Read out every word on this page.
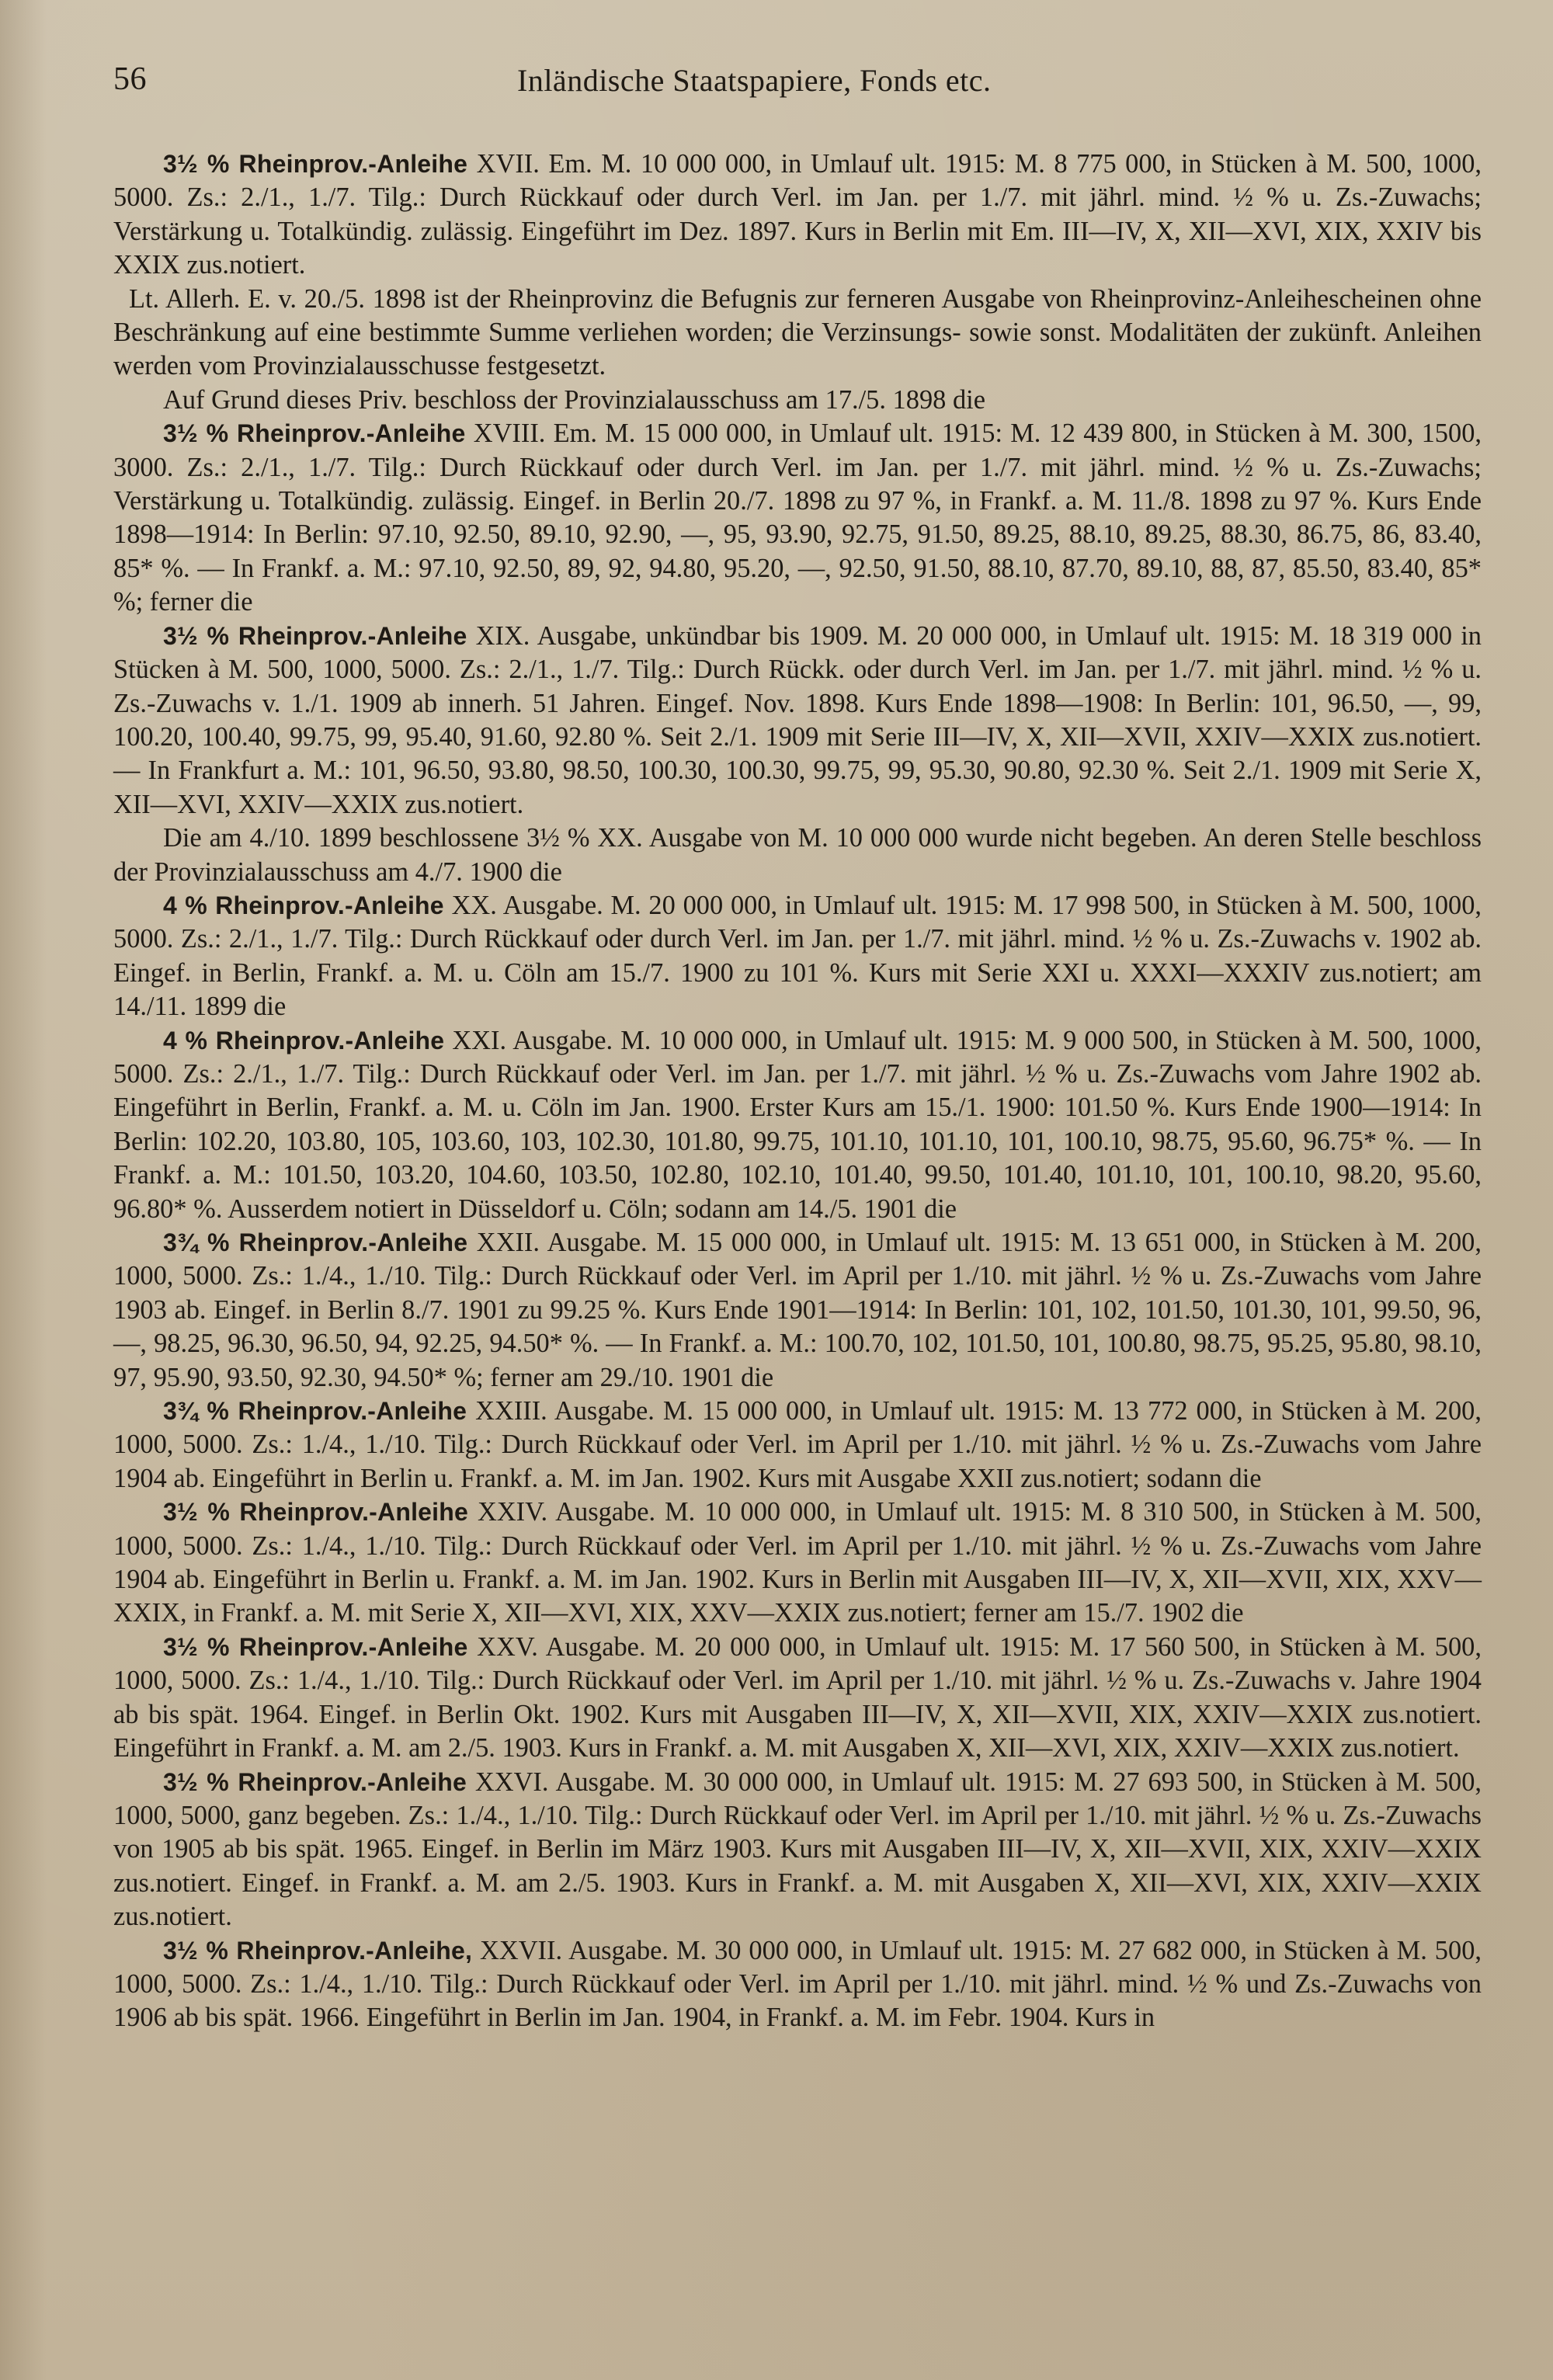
56	Inländische Staatspapiere, Fonds etc.

3½ % Rheinprov.-Anleihe XVII. Em. M. 10 000 000, in Umlauf ult. 1915: M. 8 775 000, in Stücken à M. 500, 1000, 5000. Zs.: 2./1., 1./7. Tilg.: Durch Rückkauf oder durch Verl. im Jan. per 1./7. mit jährl. mind. ½ % u. Zs.-Zuwachs; Verstärkung u. Totalkündig. zulässig. Eingeführt im Dez. 1897. Kurs in Berlin mit Em. III—IV, X, XII—XVI, XIX, XXIV bis XXIX zus.notiert.

Lt. Allerh. E. v. 20./5. 1898 ist der Rheinprovinz die Befugnis zur ferneren Ausgabe von Rheinprovinz-Anleihescheinen ohne Beschränkung auf eine bestimmte Summe verliehen worden; die Verzinsungs- sowie sonst. Modalitäten der zukünft. Anleihen werden vom Provinzialausschusse festgesetzt.

Auf Grund dieses Priv. beschloss der Provinzialausschuss am 17./5. 1898 die

3½ % Rheinprov.-Anleihe XVIII. Em. M. 15 000 000, in Umlauf ult. 1915: M. 12 439 800, in Stücken à M. 300, 1500, 3000. Zs.: 2./1., 1./7. Tilg.: Durch Rückkauf oder durch Verl. im Jan. per 1./7. mit jährl. mind. ½ % u. Zs.-Zuwachs; Verstärkung u. Totalkündig. zulässig. Eingef. in Berlin 20./7. 1898 zu 97 %, in Frankf. a. M. 11./8. 1898 zu 97 %. Kurs Ende 1898—1914: In Berlin: 97.10, 92.50, 89.10, 92.90, —, 95, 93.90, 92.75, 91.50, 89.25, 88.10, 89.25, 88.30, 86.75, 86, 83.40, 85* %. — In Frankf. a. M.: 97.10, 92.50, 89, 92, 94.80, 95.20, —, 92.50, 91.50, 88.10, 87.70, 89.10, 88, 87, 85.50, 83.40, 85* %; ferner die

3½ % Rheinprov.-Anleihe XIX. Ausgabe, unkündbar bis 1909. M. 20 000 000, in Umlauf ult. 1915: M. 18 319 000 in Stücken à M. 500, 1000, 5000. Zs.: 2./1., 1./7. Tilg.: Durch Rückk. oder durch Verl. im Jan. per 1./7. mit jährl. mind. ½ % u. Zs.-Zuwachs v. 1./1. 1909 ab innerh. 51 Jahren. Eingef. Nov. 1898. Kurs Ende 1898—1908: In Berlin: 101, 96.50, —, 99, 100.20, 100.40, 99.75, 99, 95.40, 91.60, 92.80 %. Seit 2./1. 1909 mit Serie III—IV, X, XII—XVII, XXIV—XXIX zus.notiert. — In Frankfurt a. M.: 101, 96.50, 93.80, 98.50, 100.30, 100.30, 99.75, 99, 95.30, 90.80, 92.30 %. Seit 2./1. 1909 mit Serie X, XII—XVI, XXIV—XXIX zus.notiert.

Die am 4./10. 1899 beschlossene 3½ % XX. Ausgabe von M. 10 000 000 wurde nicht begeben. An deren Stelle beschloss der Provinzialausschuss am 4./7. 1900 die

4 % Rheinprov.-Anleihe XX. Ausgabe. M. 20 000 000, in Umlauf ult. 1915: M. 17 998 500, in Stücken à M. 500, 1000, 5000. Zs.: 2./1., 1./7. Tilg.: Durch Rückkauf oder durch Verl. im Jan. per 1./7. mit jährl. mind. ½ % u. Zs.-Zuwachs v. 1902 ab. Eingef. in Berlin, Frankf. a. M. u. Cöln am 15./7. 1900 zu 101 %. Kurs mit Serie XXI u. XXXI—XXXIV zus.notiert; am 14./11. 1899 die

4 % Rheinprov.-Anleihe XXI. Ausgabe. M. 10 000 000, in Umlauf ult. 1915: M. 9 000 500, in Stücken à M. 500, 1000, 5000. Zs.: 2./1., 1./7. Tilg.: Durch Rückkauf oder Verl. im Jan. per 1./7. mit jährl. ½ % u. Zs.-Zuwachs vom Jahre 1902 ab. Eingeführt in Berlin, Frankf. a. M. u. Cöln im Jan. 1900. Erster Kurs am 15./1. 1900: 101.50 %. Kurs Ende 1900—1914: In Berlin: 102.20, 103.80, 105, 103.60, 103, 102.30, 101.80, 99.75, 101.10, 101.10, 101, 100.10, 98.75, 95.60, 96.75* %. — In Frankf. a. M.: 101.50, 103.20, 104.60, 103.50, 102.80, 102.10, 101.40, 99.50, 101.40, 101.10, 101, 100.10, 98.20, 95.60, 96.80* %. Ausserdem notiert in Düsseldorf u. Cöln; sodann am 14./5. 1901 die

3¾ % Rheinprov.-Anleihe XXII. Ausgabe. M. 15 000 000, in Umlauf ult. 1915: M. 13 651 000, in Stücken à M. 200, 1000, 5000. Zs.: 1./4., 1./10. Tilg.: Durch Rückkauf oder Verl. im April per 1./10. mit jährl. ½ % u. Zs.-Zuwachs vom Jahre 1903 ab. Eingef. in Berlin 8./7. 1901 zu 99.25 %. Kurs Ende 1901—1914: In Berlin: 101, 102, 101.50, 101.30, 101, 99.50, 96, —, 98.25, 96.30, 96.50, 94, 92.25, 94.50* %. — In Frankf. a. M.: 100.70, 102, 101.50, 101, 100.80, 98.75, 95.25, 95.80, 98.10, 97, 95.90, 93.50, 92.30, 94.50* %; ferner am 29./10. 1901 die

3¾ % Rheinprov.-Anleihe XXIII. Ausgabe. M. 15 000 000, in Umlauf ult. 1915: M. 13 772 000, in Stücken à M. 200, 1000, 5000. Zs.: 1./4., 1./10. Tilg.: Durch Rückkauf oder Verl. im April per 1./10. mit jährl. ½ % u. Zs.-Zuwachs vom Jahre 1904 ab. Eingeführt in Berlin u. Frankf. a. M. im Jan. 1902. Kurs mit Ausgabe XXII zus.notiert; sodann die

3½ % Rheinprov.-Anleihe XXIV. Ausgabe. M. 10 000 000, in Umlauf ult. 1915: M. 8 310 500, in Stücken à M. 500, 1000, 5000. Zs.: 1./4., 1./10. Tilg.: Durch Rückkauf oder Verl. im April per 1./10. mit jährl. ½ % u. Zs.-Zuwachs vom Jahre 1904 ab. Eingeführt in Berlin u. Frankf. a. M. im Jan. 1902. Kurs in Berlin mit Ausgaben III—IV, X, XII—XVII, XIX, XXV—XXIX, in Frankf. a. M. mit Serie X, XII—XVI, XIX, XXV—XXIX zus.notiert; ferner am 15./7. 1902 die

3½ % Rheinprov.-Anleihe XXV. Ausgabe. M. 20 000 000, in Umlauf ult. 1915: M. 17 560 500, in Stücken à M. 500, 1000, 5000. Zs.: 1./4., 1./10. Tilg.: Durch Rückkauf oder Verl. im April per 1./10. mit jährl. ½ % u. Zs.-Zuwachs v. Jahre 1904 ab bis spät. 1964. Eingef. in Berlin Okt. 1902. Kurs mit Ausgaben III—IV, X, XII—XVII, XIX, XXIV—XXIX zus.notiert. Eingeführt in Frankf. a. M. am 2./5. 1903. Kurs in Frankf. a. M. mit Ausgaben X, XII—XVI, XIX, XXIV—XXIX zus.notiert.

3½ % Rheinprov.-Anleihe XXVI. Ausgabe. M. 30 000 000, in Umlauf ult. 1915: M. 27 693 500, in Stücken à M. 500, 1000, 5000, ganz begeben. Zs.: 1./4., 1./10. Tilg.: Durch Rückkauf oder Verl. im April per 1./10. mit jährl. ½ % u. Zs.-Zuwachs von 1905 ab bis spät. 1965. Eingef. in Berlin im März 1903. Kurs mit Ausgaben III—IV, X, XII—XVII, XIX, XXIV—XXIX zus.notiert. Eingef. in Frankf. a. M. am 2./5. 1903. Kurs in Frankf. a. M. mit Ausgaben X, XII—XVI, XIX, XXIV—XXIX zus.notiert.

3½ % Rheinprov.-Anleihe, XXVII. Ausgabe. M. 30 000 000, in Umlauf ult. 1915: M. 27 682 000, in Stücken à M. 500, 1000, 5000. Zs.: 1./4., 1./10. Tilg.: Durch Rückkauf oder Verl. im April per 1./10. mit jährl. mind. ½ % und Zs.-Zuwachs von 1906 ab bis spät. 1966. Eingeführt in Berlin im Jan. 1904, in Frankf. a. M. im Febr. 1904. Kurs in
